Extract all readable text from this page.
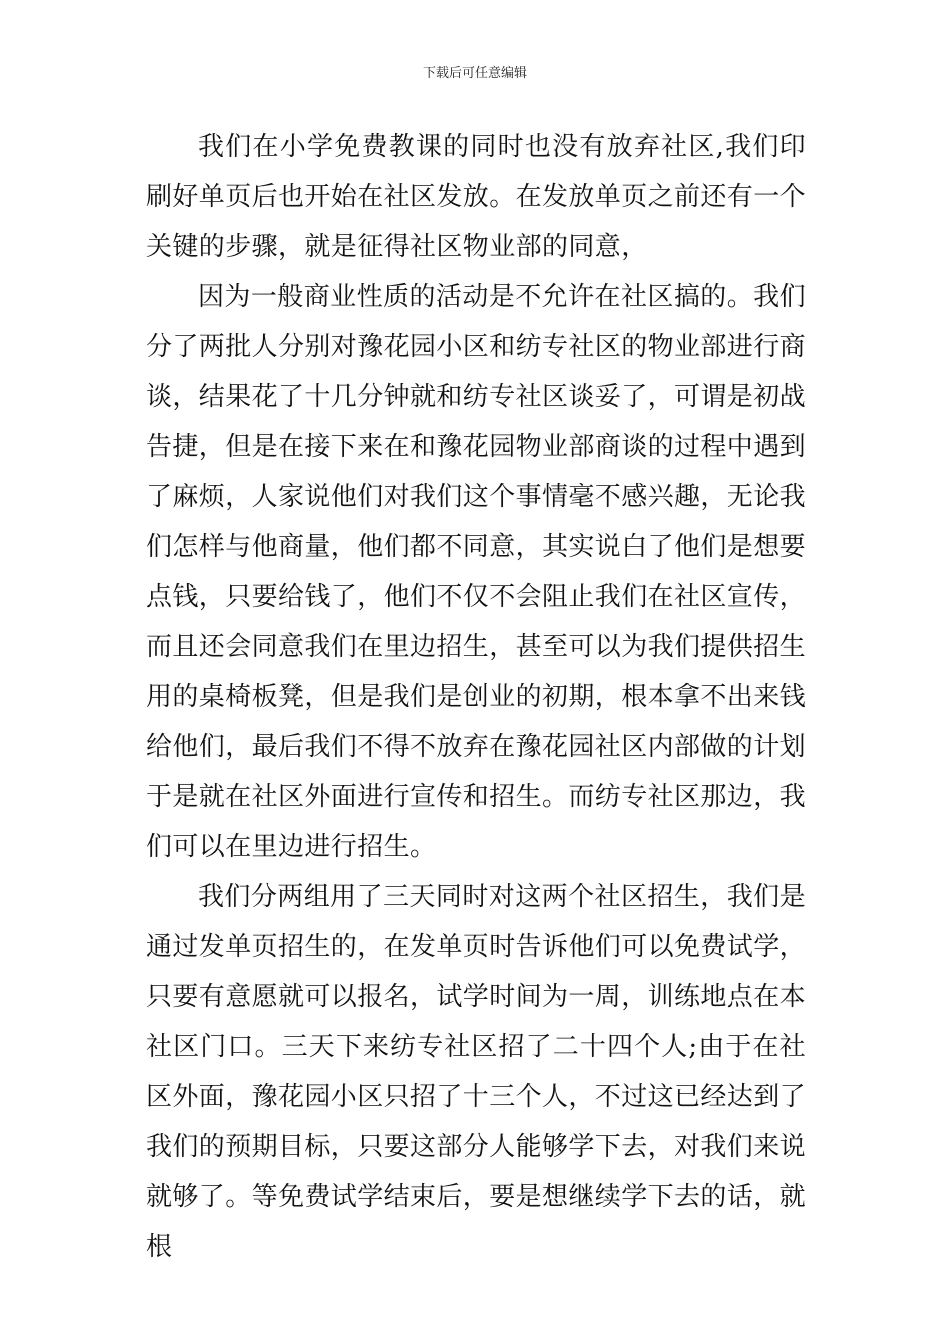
下载后可任意编辑

我们在小学免费教课的同时也没有放弃社区,我们印刷好单页后也开始在社区发放。在发放单页之前还有一个关键的步骤，就是征得社区物业部的同意，

因为一般商业性质的活动是不允许在社区搞的。我们分了两批人分别对豫花园小区和纺专社区的物业部进行商谈，结果花了十几分钟就和纺专社区谈妥了，可谓是初战告捷，但是在接下来在和豫花园物业部商谈的过程中遇到了麻烦，人家说他们对我们这个事情毫不感兴趣，无论我们怎样与他商量，他们都不同意，其实说白了他们是想要点钱，只要给钱了，他们不仅不会阻止我们在社区宣传，而且还会同意我们在里边招生，甚至可以为我们提供招生用的桌椅板凳，但是我们是创业的初期，根本拿不出来钱给他们，最后我们不得不放弃在豫花园社区内部做的计划于是就在社区外面进行宣传和招生。而纺专社区那边，我们可以在里边进行招生。

我们分两组用了三天同时对这两个社区招生，我们是通过发单页招生的，在发单页时告诉他们可以免费试学，只要有意愿就可以报名，试学时间为一周，训练地点在本社区门口。三天下来纺专社区招了二十四个人;由于在社区外面，豫花园小区只招了十三个人，不过这已经达到了我们的预期目标，只要这部分人能够学下去，对我们来说就够了。等免费试学结束后，要是想继续学下去的话，就根
